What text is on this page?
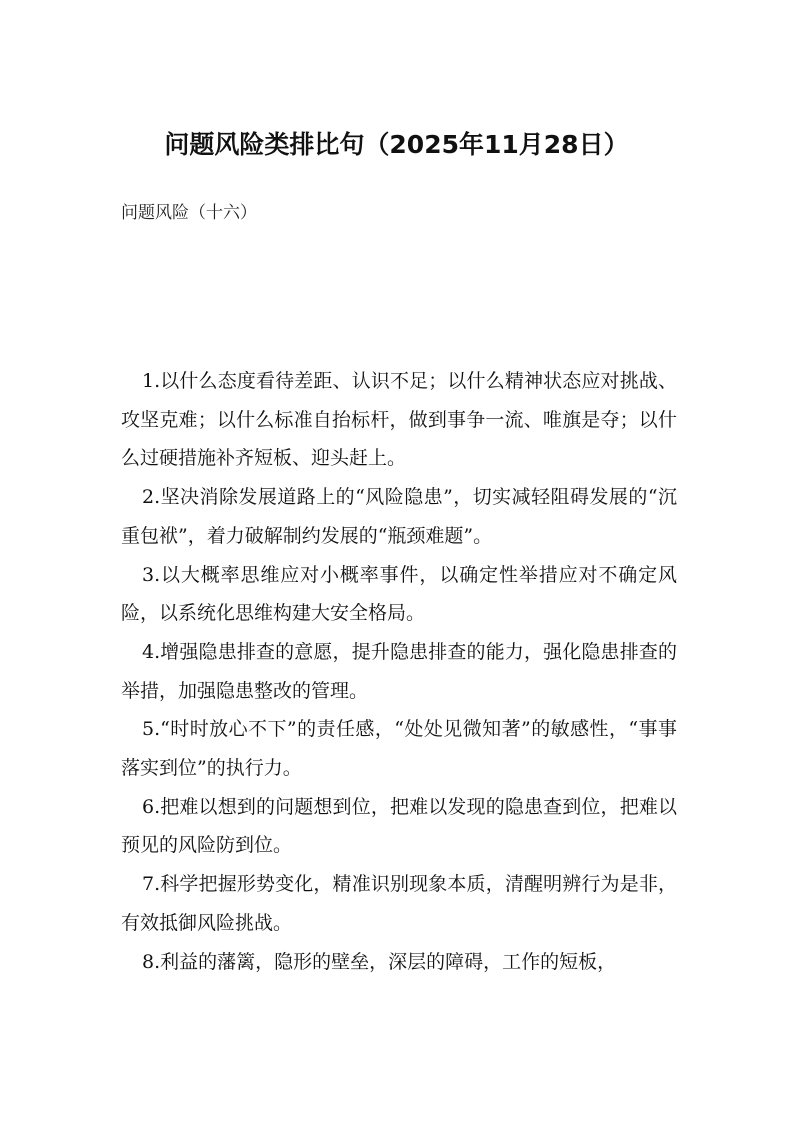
问题风险类排比句（2025年11月28日）
问题风险（十六）

1.以什么态度看待差距、认识不足；以什么精神状态应对挑战、攻坚克难；以什么标准自抬标杆，做到事争一流、唯旗是夺；以什么过硬措施补齐短板、迎头赶上。

2.坚决消除发展道路上的“风险隐患”，切实减轻阻碍发展的“沉重包袱”，着力破解制约发展的“瓶颈难题”。

3.以大概率思维应对小概率事件，以确定性举措应对不确定风险，以系统化思维构建大安全格局。

4.增强隐患排查的意愿，提升隐患排查的能力，强化隐患排查的举措，加强隐患整改的管理。

5.“时时放心不下”的责任感，“处处见微知著”的敏感性，“事事落实到位”的执行力。

6.把难以想到的问题想到位，把难以发现的隐患查到位，把难以预见的风险防到位。

7.科学把握形势变化，精准识别现象本质，清醒明辨行为是非，有效抵御风险挑战。

8.利益的藩篱，隐形的壁垒，深层的障碍，工作的短板，
